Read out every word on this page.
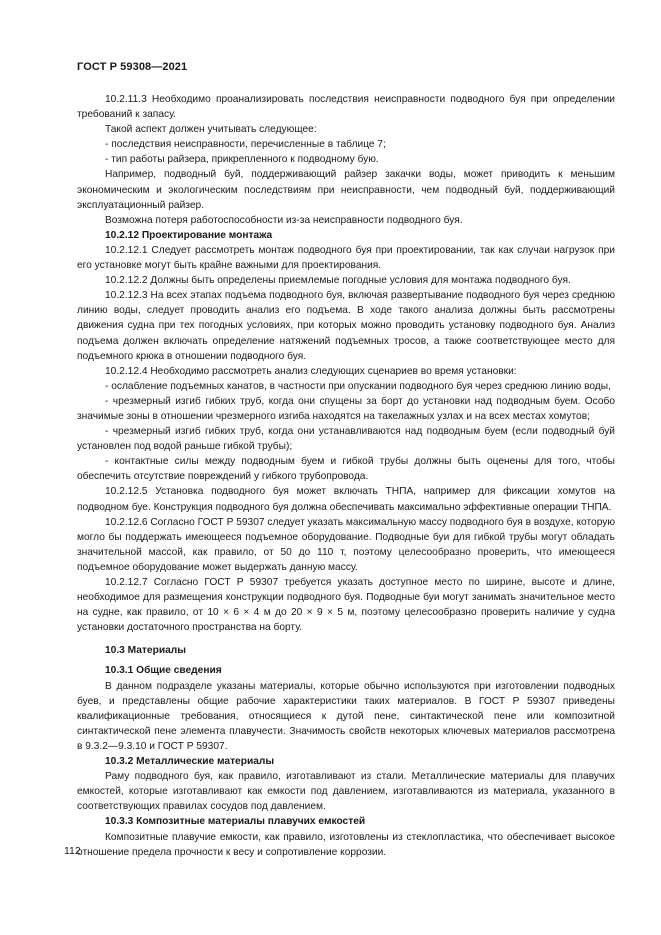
ГОСТ Р 59308—2021

10.2.11.3 Необходимо проанализировать последствия неисправности подводного буя при определении требований к запасу.

Такой аспект должен учитывать следующее:

- последствия неисправности, перечисленные в таблице 7;

- тип работы райзера, прикрепленного к подводному бую.

Например, подводный буй, поддерживающий райзер закачки воды, может приводить к меньшим экономическим и экологическим последствиям при неисправности, чем подводный буй, поддерживающий эксплуатационный райзер.

Возможна потеря работоспособности из-за неисправности подводного буя.

10.2.12 Проектирование монтажа

10.2.12.1 Следует рассмотреть монтаж подводного буя при проектировании, так как случаи нагрузок при его установке могут быть крайне важными для проектирования.

10.2.12.2 Должны быть определены приемлемые погодные условия для монтажа подводного буя.

10.2.12.3 На всех этапах подъема подводного буя, включая развертывание подводного буя через среднюю линию воды, следует проводить анализ его подъема. В ходе такого анализа должны быть рассмотрены движения судна при тех погодных условиях, при которых можно проводить установку подводного буя. Анализ подъема должен включать определение натяжений подъемных тросов, а также соответствующее место для подъемного крюка в отношении подводного буя.

10.2.12.4 Необходимо рассмотреть анализ следующих сценариев во время установки:

- ослабление подъемных канатов, в частности при опускании подводного буя через среднюю линию воды,

- чрезмерный изгиб гибких труб, когда они спущены за борт до установки над подводным буем. Особо значимые зоны в отношении чрезмерного изгиба находятся на такелажных узлах и на всех местах хомутов;

- чрезмерный изгиб гибких труб, когда они устанавливаются над подводным буем (если подводный буй установлен под водой раньше гибкой трубы);

- контактные силы между подводным буем и гибкой трубы должны быть оценены для того, чтобы обеспечить отсутствие повреждений у гибкого трубопровода.

10.2.12.5 Установка подводного буя может включать ТНПА, например для фиксации хомутов на подводном буе. Конструкция подводного буя должна обеспечивать максимально эффективные операции ТНПА.

10.2.12.6 Согласно ГОСТ Р 59307 следует указать максимальную массу подводного буя в воздухе, которую могло бы поддержать имеющееся подъемное оборудование. Подводные буи для гибкой трубы могут обладать значительной массой, как правило, от 50 до 110 т, поэтому целесообразно проверить, что имеющееся подъемное оборудование может выдержать данную массу.

10.2.12.7 Согласно ГОСТ Р 59307 требуется указать доступное место по ширине, высоте и длине, необходимое для размещения конструкции подводного буя. Подводные буи могут занимать значительное место на судне, как правило, от 10 × 6 × 4 м до 20 × 9 × 5 м, поэтому целесообразно проверить наличие у судна установки достаточного пространства на борту.

10.3 Материалы

10.3.1 Общие сведения

В данном подразделе указаны материалы, которые обычно используются при изготовлении подводных буев, и представлены общие рабочие характеристики таких материалов. В ГОСТ Р 59307 приведены квалификационные требования, относящиеся к дутой пене, синтактической пене или композитной синтактической пене элемента плавучести. Значимость свойств некоторых ключевых материалов рассмотрена в 9.3.2—9.3.10 и ГОСТ Р 59307.

10.3.2 Металлические материалы

Раму подводного буя, как правило, изготавливают из стали. Металлические материалы для плавучих емкостей, которые изготавливают как емкости под давлением, изготавливаются из материала, указанного в соответствующих правилах сосудов под давлением.

10.3.3 Композитные материалы плавучих емкостей

Композитные плавучие емкости, как правило, изготовлены из стеклопластика, что обеспечивает высокое отношение предела прочности к весу и сопротивление коррозии.

112
